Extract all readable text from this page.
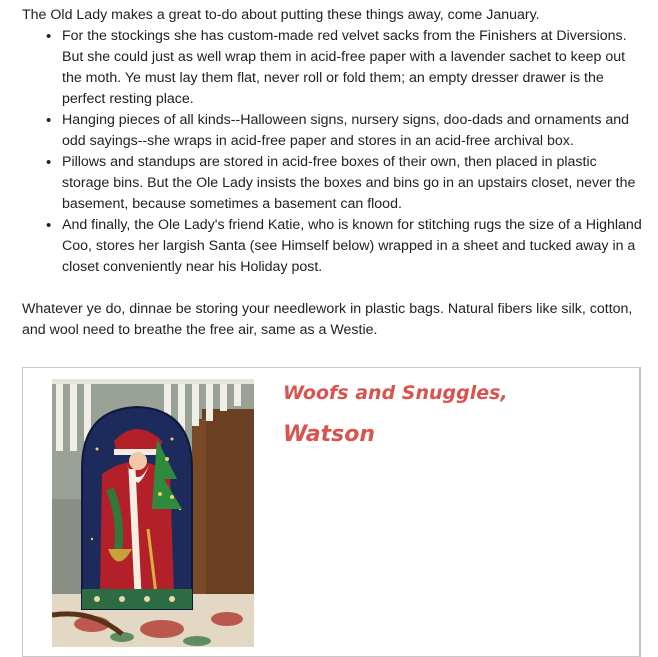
The Old Lady makes a great to-do about putting these things away, come January.

• For the stockings she has custom-made red velvet sacks from the Finishers at Diversions. But she could just as well wrap them in acid-free paper with a lavender sachet to keep out the moth. Ye must lay them flat, never roll or fold them; an empty dresser drawer is the perfect resting place.
• Hanging pieces of all kinds--Halloween signs, nursery signs, doo-dads and ornaments and odd sayings--she wraps in acid-free paper and stores in an acid-free archival box.
• Pillows and standups are stored in acid-free boxes of their own, then placed in plastic storage bins. But the Ole Lady insists the boxes and bins go in an upstairs closet, never the basement, because sometimes a basement can flood.
• And finally, the Ole Lady's friend Katie, who is known for stitching rugs the size of a Highland Coo, stores her largish Santa (see Himself below) wrapped in a sheet and tucked away in a closet conveniently near his Holiday post.

Whatever ye do, dinnae be storing your needlework in plastic bags. Natural fibers like silk, cotton, and wool need to breathe the free air, same as a Westie.

Woofs and Snuggles,

Watson
